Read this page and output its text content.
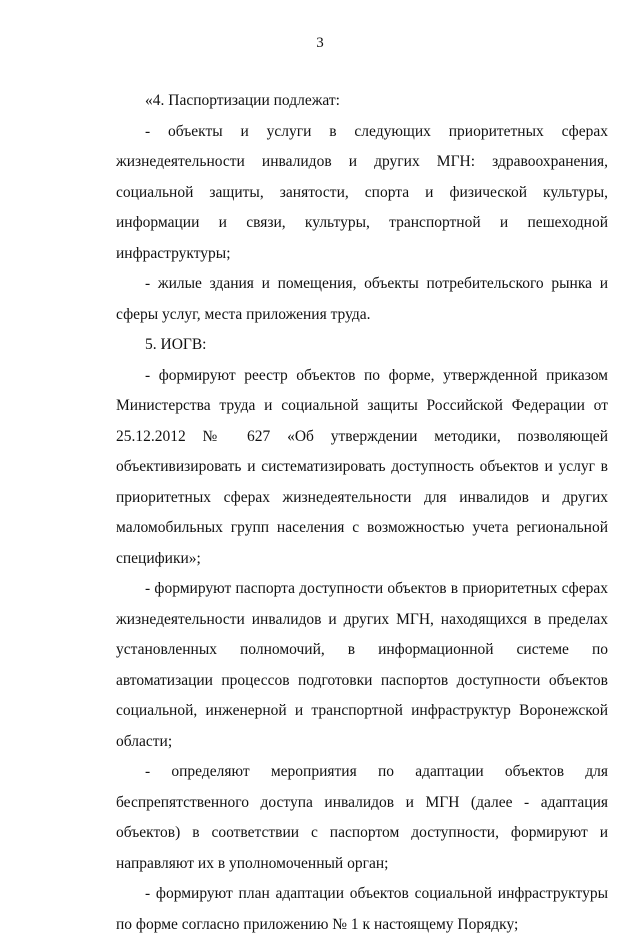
3

«4. Паспортизации подлежат:

- объекты и услуги в следующих приоритетных сферах жизнедеятельности инвалидов и других МГН: здравоохранения, социальной защиты, занятости, спорта и физической культуры, информации и связи, культуры, транспортной и пешеходной инфраструктуры;

- жилые здания и помещения, объекты потребительского рынка и сферы услуг, места приложения труда.

5. ИОГВ:

- формируют реестр объектов по форме, утвержденной приказом Министерства труда и социальной защиты Российской Федерации от 25.12.2012 № 627 «Об утверждении методики, позволяющей объективизировать и систематизировать доступность объектов и услуг в приоритетных сферах жизнедеятельности для инвалидов и других маломобильных групп населения с возможностью учета региональной специфики»;

- формируют паспорта доступности объектов в приоритетных сферах жизнедеятельности инвалидов и других МГН, находящихся в пределах установленных полномочий, в информационной системе по автоматизации процессов подготовки паспортов доступности объектов социальной, инженерной и транспортной инфраструктур Воронежской области;

- определяют мероприятия по адаптации объектов для беспрепятственного доступа инвалидов и МГН (далее - адаптация объектов) в соответствии с паспортом доступности, формируют и направляют их в уполномоченный орган;

- формируют план адаптации объектов социальной инфраструктуры по форме согласно приложению № 1 к настоящему Порядку;
